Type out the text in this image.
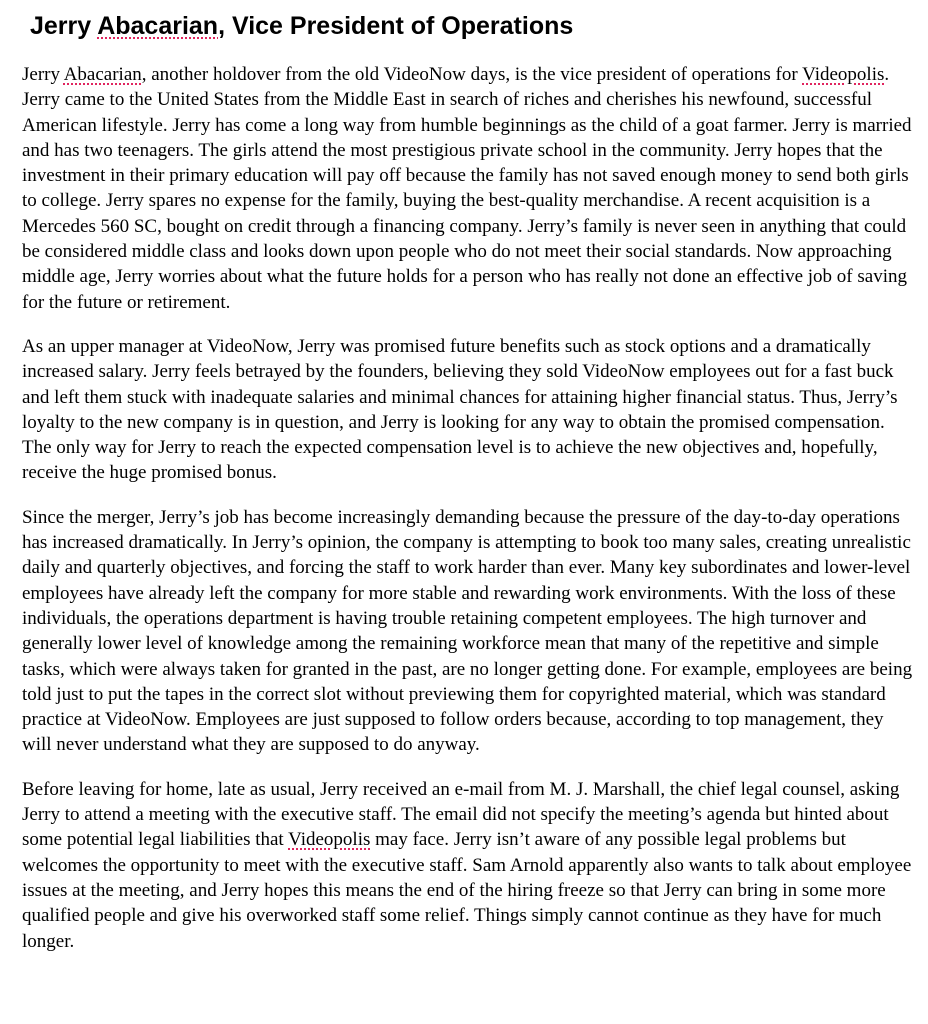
Jerry Abacarian, Vice President of Operations

Jerry Abacarian, another holdover from the old VideoNow days, is the vice president of operations for Videopolis. Jerry came to the United States from the Middle East in search of riches and cherishes his newfound, successful American lifestyle. Jerry has come a long way from humble beginnings as the child of a goat farmer. Jerry is married and has two teenagers. The girls attend the most prestigious private school in the community. Jerry hopes that the investment in their primary education will pay off because the family has not saved enough money to send both girls to college. Jerry spares no expense for the family, buying the best-quality merchandise. A recent acquisition is a Mercedes 560 SC, bought on credit through a financing company. Jerry’s family is never seen in anything that could be considered middle class and looks down upon people who do not meet their social standards. Now approaching middle age, Jerry worries about what the future holds for a person who has really not done an effective job of saving for the future or retirement.

As an upper manager at VideoNow, Jerry was promised future benefits such as stock options and a dramatically increased salary. Jerry feels betrayed by the founders, believing they sold VideoNow employees out for a fast buck and left them stuck with inadequate salaries and minimal chances for attaining higher financial status. Thus, Jerry’s loyalty to the new company is in question, and Jerry is looking for any way to obtain the promised compensation. The only way for Jerry to reach the expected compensation level is to achieve the new objectives and, hopefully, receive the huge promised bonus.

Since the merger, Jerry’s job has become increasingly demanding because the pressure of the day-to-day operations has increased dramatically. In Jerry’s opinion, the company is attempting to book too many sales, creating unrealistic daily and quarterly objectives, and forcing the staff to work harder than ever. Many key subordinates and lower-level employees have already left the company for more stable and rewarding work environments. With the loss of these individuals, the operations department is having trouble retaining competent employees. The high turnover and generally lower level of knowledge among the remaining workforce mean that many of the repetitive and simple tasks, which were always taken for granted in the past, are no longer getting done. For example, employees are being told just to put the tapes in the correct slot without previewing them for copyrighted material, which was standard practice at VideoNow. Employees are just supposed to follow orders because, according to top management, they will never understand what they are supposed to do anyway.

Before leaving for home, late as usual, Jerry received an e-mail from M. J. Marshall, the chief legal counsel, asking Jerry to attend a meeting with the executive staff. The email did not specify the meeting’s agenda but hinted about some potential legal liabilities that Videopolis may face. Jerry isn’t aware of any possible legal problems but welcomes the opportunity to meet with the executive staff. Sam Arnold apparently also wants to talk about employee issues at the meeting, and Jerry hopes this means the end of the hiring freeze so that Jerry can bring in some more qualified people and give his overworked staff some relief. Things simply cannot continue as they have for much longer.
